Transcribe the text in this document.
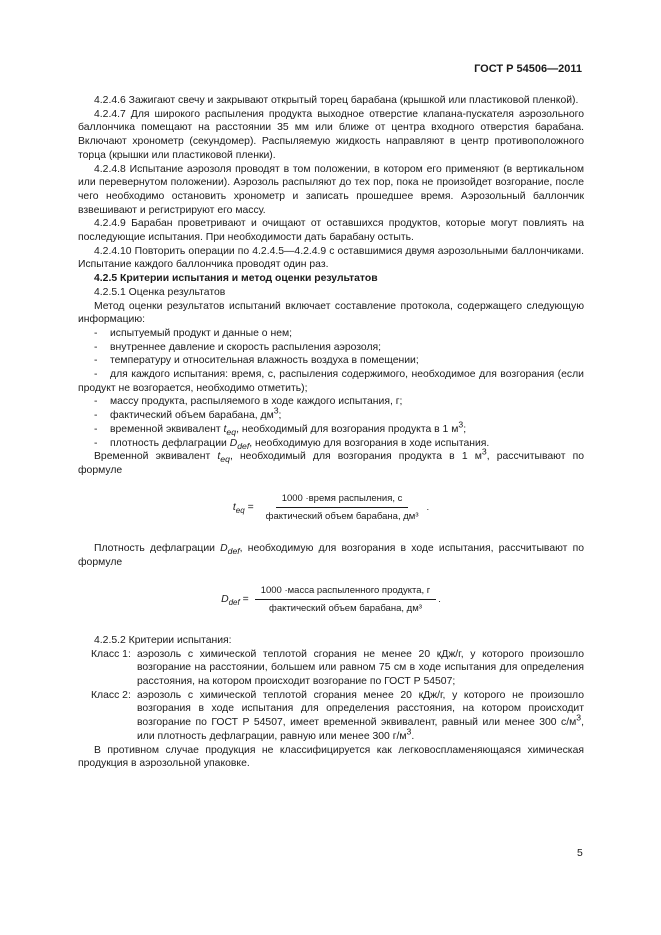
ГОСТ Р 54506—2011

4.2.4.6 Зажигают свечу и закрывают открытый торец барабана (крышкой или пластиковой пленкой).

4.2.4.7 Для широкого распыления продукта выходное отверстие клапана-пускателя аэрозольного баллончика помещают на расстоянии 35 мм или ближе от центра входного отверстия барабана. Включают хронометр (секундомер). Распыляемую жидкость направляют в центр противоположного торца (крышки или пластиковой пленки).

4.2.4.8 Испытание аэрозоля проводят в том положении, в котором его применяют (в вертикальном или перевернутом положении). Аэрозоль распыляют до тех пор, пока не произойдет возгорание, после чего необходимо остановить хронометр и записать прошедшее время. Аэрозольный баллончик взвешивают и регистрируют его массу.

4.2.4.9 Барабан проветривают и очищают от оставшихся продуктов, которые могут повлиять на последующие испытания. При необходимости дать барабану остыть.

4.2.4.10 Повторить операции по 4.2.4.5—4.2.4.9 с оставшимися двумя аэрозольными баллончиками. Испытание каждого баллончика проводят один раз.

4.2.5 Критерии испытания и метод оценки результатов

4.2.5.1 Оценка результатов

Метод оценки результатов испытаний включает составление протокола, содержащего следующую информацию:

- испытуемый продукт и данные о нем;

- внутреннее давление и скорость распыления аэрозоля;

- температуру и относительная влажность воздуха в помещении;

- для каждого испытания: время, с, распыления содержимого, необходимое для возгорания (если продукт не возгорается, необходимо отметить);

- массу продукта, распыляемого в ходе каждого испытания, г;

- фактический объем барабана, $дм^3$;

- временной эквивалент $t_{eq}$, необходимый для возгорания продукта в 1 $м^3$;

- плотность дефлаграции $D_{def}$, необходимую для возгорания в ходе испытания.

Временной эквивалент $t_{eq}$, необходимый для возгорания продукта в 1 $м^3$, рассчитывают по формуле

$t_{eq} = \frac{\text{1000 ·время распыления, с}}{\text{фактический объем барабана, дм³}}$ .

Плотность дефлаграции $D_{def}$, необходимую для возгорания в ходе испытания, рассчитывают по формуле

$D_{def} = \frac{\text{1000 ·масса распыленного продукта, г}}{\text{фактический объем барабана, дм³}}$ .

4.2.5.2 Критерии испытания:

Класс 1: аэрозоль с химической теплотой сгорания не менее 20 кДж/г, у которого произошло возгорание на расстоянии, большем или равном 75 см в ходе испытания для определения расстояния, на котором происходит возгорание по ГОСТ Р 54507;
Класс 2: аэрозоль с химической теплотой сгорания менее 20 кДж/г, у которого не произошло возгорания в ходе испытания для определения расстояния, на котором происходит возгорание по ГОСТ Р 54507, имеет временной эквивалент, равный или менее 300 $с/м^3$, или плотность дефлаграции, равную или менее 300 $г/м^3$.

В противном случае продукция не классифицируется как легковоспламеняющаяся химическая продукция в аэрозольной упаковке.

5
